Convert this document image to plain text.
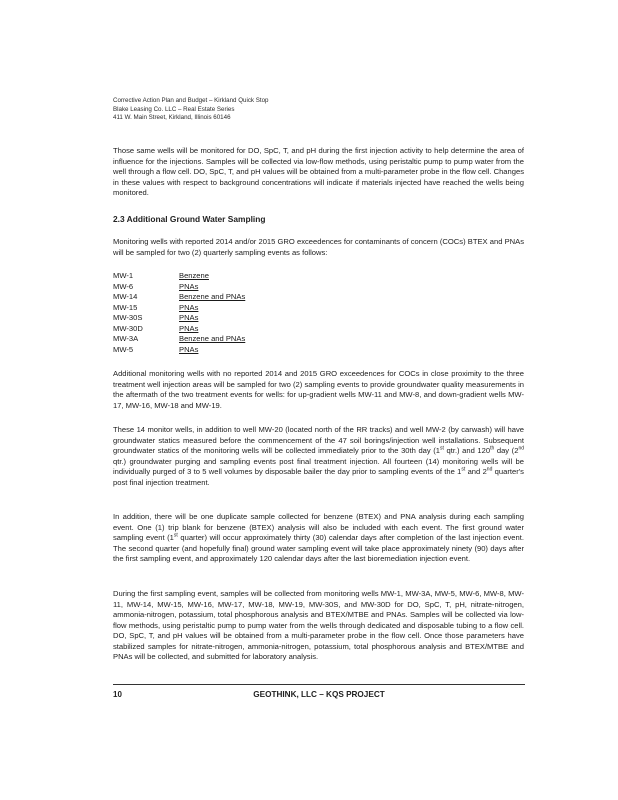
Corrective Action Plan and Budget – Kirkland Quick Stop
Blake Leasing Co. LLC – Real Estate Series
411 W. Main Street, Kirkland, Illinois 60146
Those same wells will be monitored for DO, SpC, T, and pH during the first injection activity to help determine the area of influence for the injections. Samples will be collected via low-flow methods, using peristaltic pump to pump water from the well through a flow cell. DO, SpC, T, and pH values will be obtained from a multi-parameter probe in the flow cell. Changes in these values with respect to background concentrations will indicate if materials injected have reached the wells being monitored.
2.3 Additional Ground Water Sampling
Monitoring wells with reported 2014 and/or 2015 GRO exceedences for contaminants of concern (COCs) BTEX and PNAs will be sampled for two (2) quarterly sampling events as follows:
MW-1	Benzene
MW-6	PNAs
MW-14	Benzene and PNAs
MW-15	PNAs
MW-30S	PNAs
MW-30D	PNAs
MW-3A	Benzene and PNAs
MW-5	PNAs
Additional monitoring wells with no reported 2014 and 2015 GRO exceedences for COCs in close proximity to the three treatment well injection areas will be sampled for two (2) sampling events to provide groundwater quality measurements in the aftermath of the two treatment events for wells: for up-gradient wells MW-11 and MW-8, and down-gradient wells MW-17, MW-16, MW-18 and MW-19.
These 14 monitor wells, in addition to well MW-20 (located north of the RR tracks) and well MW-2 (by carwash) will have groundwater statics measured before the commencement of the 47 soil borings/injection well installations. Subsequent groundwater statics of the monitoring wells will be collected immediately prior to the 30th day (1st qtr.) and 120th day (2nd qtr.) groundwater purging and sampling events post final treatment injection. All fourteen (14) monitoring wells will be individually purged of 3 to 5 well volumes by disposable bailer the day prior to sampling events of the 1st and 2nd quarter's post final injection treatment.
In addition, there will be one duplicate sample collected for benzene (BTEX) and PNA analysis during each sampling event. One (1) trip blank for benzene (BTEX) analysis will also be included with each event. The first ground water sampling event (1st quarter) will occur approximately thirty (30) calendar days after completion of the last injection event. The second quarter (and hopefully final) ground water sampling event will take place approximately ninety (90) days after the first sampling event, and approximately 120 calendar days after the last bioremediation injection event.
During the first sampling event, samples will be collected from monitoring wells MW-1, MW-3A, MW-5, MW-6, MW-8, MW-11, MW-14, MW-15, MW-16, MW-17, MW-18, MW-19, MW-30S, and MW-30D for DO, SpC, T, pH, nitrate-nitrogen, ammonia-nitrogen, potassium, total phosphorous analysis and BTEX/MTBE and PNAs. Samples will be collected via low-flow methods, using peristaltic pump to pump water from the wells through dedicated and disposable tubing to a flow cell. DO, SpC, T, and pH values will be obtained from a multi-parameter probe in the flow cell. Once those parameters have stabilized samples for nitrate-nitrogen, ammonia-nitrogen, potassium, total phosphorous analysis and BTEX/MTBE and PNAs will be collected, and submitted for laboratory analysis.
10	GEOTHINK, LLC – KQS PROJECT
